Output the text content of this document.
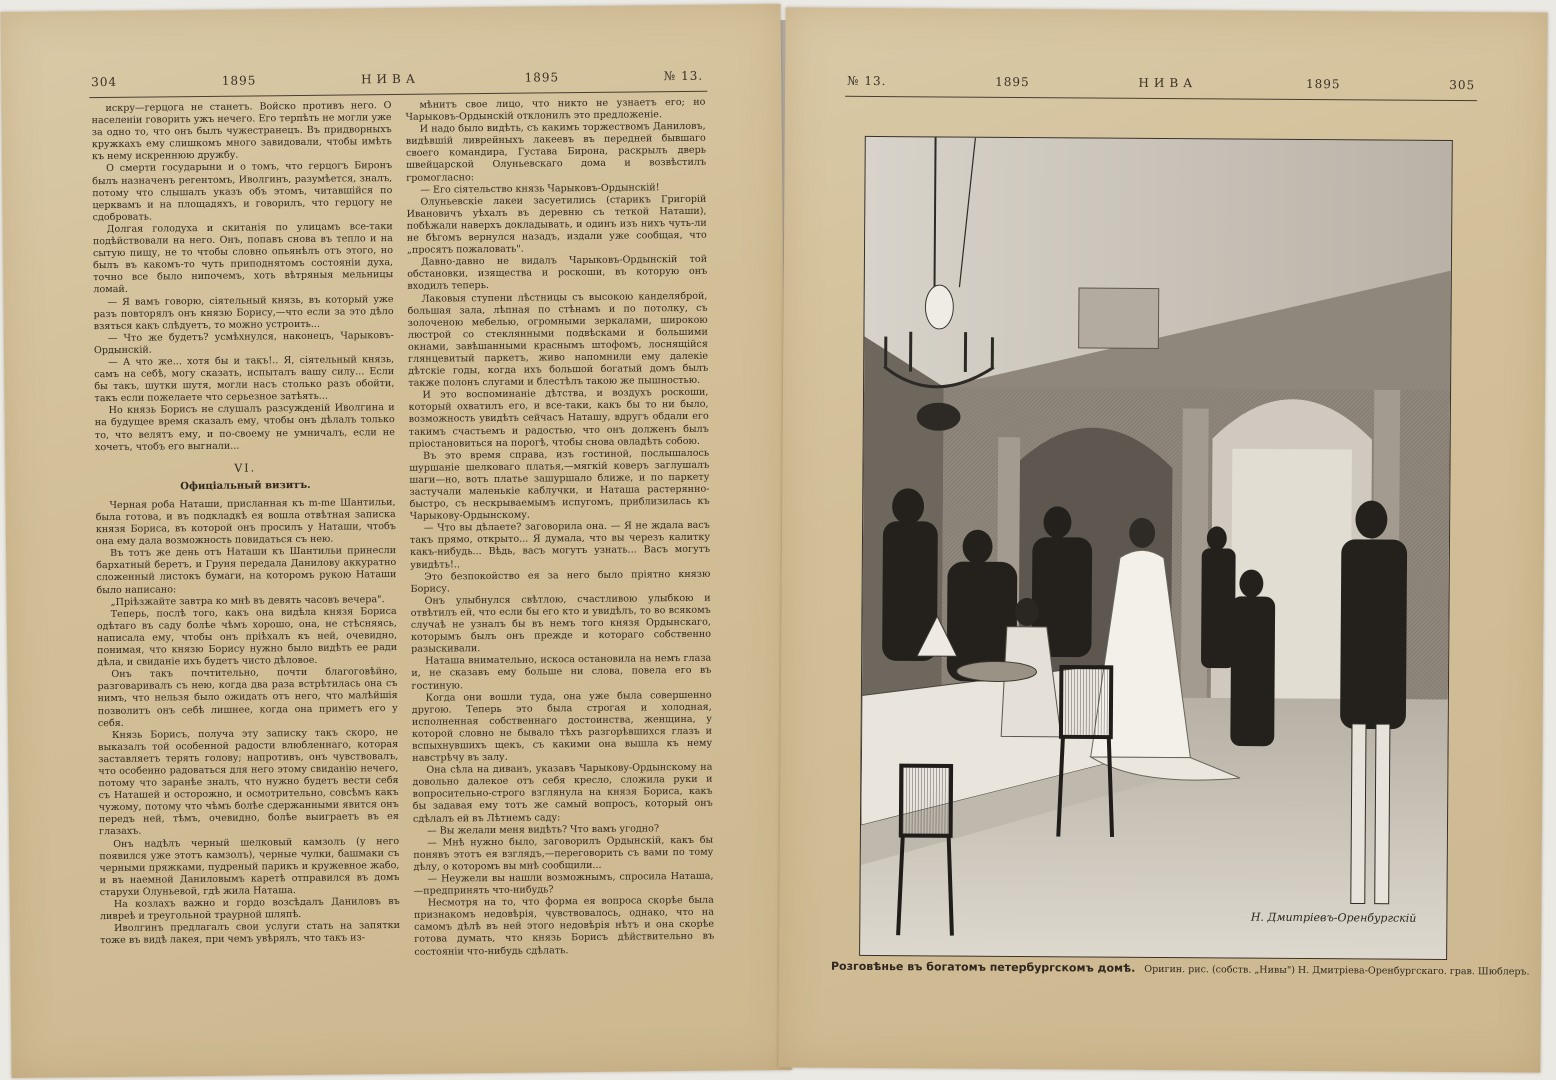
304	1895	НИВА	1895	№ 13.

искру—герцога не станетъ. Войско противъ него. О населеніи говорить ужъ нечего. Его терпѣть не могли уже за одно то, что онъ былъ чужестранецъ. Въ придворныхъ кружкахъ ему слишкомъ много завидовали, чтобы имѣть къ нему искреннюю дружбу.

О смерти государыни и о томъ, что герцогъ Биронъ былъ назначенъ регентомъ, Иволгинъ, разумѣется, зналъ, потому что слышалъ указъ объ этомъ, читавшійся по церквамъ и на площадяхъ, и говорилъ, что герцогу не сдобровать.

Долгая голодуха и скитанія по улицамъ все-таки подѣйствовали на него. Онъ, попавъ снова въ тепло и на сытую пищу, не то чтобы словно опьянѣлъ отъ этого, но былъ въ какомъ-то чуть приподнятомъ состояніи духа, точно все было нипочемъ, хоть вѣтряныя мельницы ломай.

— Я вамъ говорю, сіятельный князь, въ который уже разъ повторялъ онъ князю Борису,—что если за это дѣло взяться какъ слѣдуетъ, то можно устроить...

— Что же будетъ? усмѣхнулся, наконецъ, Чарыковъ-Ордынскій.

— А что же... хотя бы и такъ!.. Я, сіятельный князь, самъ на себѣ, могу сказать, испыталъ вашу силу... Если бы такъ, шутки шутя, могли насъ столько разъ обойти, такъ если пожелаете что серьезное затѣять...

Но князь Борисъ не слушалъ разсужденій Иволгина и на будущее время сказалъ ему, чтобы онъ дѣлалъ только то, что велятъ ему, и по-своему не умничалъ, если не хочетъ, чтобъ его выгнали...

VI.
Офиціальный визитъ.

Черная роба Наташи, присланная къ m-me Шантильи, была готова, и въ подкладкѣ ея вошла отвѣтная записка князя Бориса, въ которой онъ просилъ у Наташи, чтобъ она ему дала возможность повидаться съ нею.

Въ тотъ же день отъ Наташи къ Шантильи принесли бархатный беретъ, и Груня передала Данилову аккуратно сложенный листокъ бумаги, на которомъ рукою Наташи было написано:

„Пріѣзжайте завтра ко мнѣ въ девять часовъ вечера".

Теперь, послѣ того, какъ она видѣла князя Бориса одѣтаго въ саду болѣе чѣмъ хорошо, она, не стѣсняясь, написала ему, чтобы онъ пріѣхалъ къ ней, очевидно, понимая, что князю Борису нужно было видѣть ее ради дѣла, и свиданіе ихъ будетъ чисто дѣловое.

Онъ такъ почтительно, почти благоговѣйно, разговаривалъ съ нею, когда два раза встрѣтилась она съ нимъ, что нельзя было ожидать отъ него, что малѣйшія позволитъ онъ себѣ лишнее, когда она приметъ его у себя.

Князь Борисъ, получа эту записку такъ скоро, не выказалъ той особенной радости влюбленнаго, которая заставляетъ терять голову; напротивъ, онъ чувствовалъ, что особенно радоваться для него этому свиданію нечего, потому что заранѣе зналъ, что нужно будетъ вести себя съ Наташей и осторожно, и осмотрительно, совсѣмъ какъ чужому, потому что чѣмъ болѣе сдержанными явится онъ передъ ней, тѣмъ, очевидно, болѣе выиграетъ въ ея глазахъ.

Онъ надѣлъ черный шелковый камзолъ (у него появился уже этотъ камзолъ), черные чулки, башмаки съ черными пряжками, пудреный парикъ и кружевное жабо, и въ наемной Даниловымъ каретѣ отправился въ домъ старухи Олуньевой, гдѣ жила Наташа.

На козлахъ важно и гордо возсѣдалъ Даниловъ въ ливреѣ и треугольной траурной шляпѣ.

Иволгинъ предлагалъ свои услуги стать на запятки тоже въ видѣ лакея, при чемъ увѣрялъ, что такъ из-

мѣнитъ свое лицо, что никто не узнаетъ его; но Чарыковъ-Ордынскій отклонилъ это предложеніе.

И надо было видѣть, съ какимъ торжествомъ Даниловъ, видѣвшій ливрейныхъ лакеевъ въ передней бывшаго своего командира, Густава Бирона, раскрылъ дверь швейцарской Олуньевскаго дома и возвѣстилъ громогласно:

— Его сіятельство князь Чарыковъ-Ордынскій!

Олуньевскіе лакеи засуетились (старикъ Григорій Ивановичъ уѣхалъ въ деревню съ теткой Наташи), побѣжали наверхъ докладывать, и одинъ изъ нихъ чуть-ли не бѣгомъ вернулся назадъ, издали уже сообщая, что „просятъ пожаловать".

Давно-давно не видалъ Чарыковъ-Ордынскій той обстановки, изящества и роскоши, въ которую онъ входилъ теперь.

Лаковыя ступени лѣстницы съ высокою канделяброй, большая зала, лѣпная по стѣнамъ и по потолку, съ золоченою мебелью, огромными зеркалами, широкою люстрой со стеклянными подвѣсками и большими окнами, завѣшанными краснымъ штофомъ, лоснящійся глянцевитый паркетъ, живо напомнили ему далекіе дѣтскіе годы, когда ихъ большой богатый домъ былъ также полонъ слугами и блестѣлъ такою же пышностью.

И это воспоминаніе дѣтства, и воздухъ роскоши, который охватилъ его, и все-таки, какъ бы то ни было, возможность увидѣть сейчасъ Наташу, вдругъ обдали его такимъ счастьемъ и радостью, что онъ долженъ былъ пріостановиться на порогѣ, чтобы снова овладѣть собою.

Въ это время справа, изъ гостиной, послышалось шуршаніе шелковаго платья,—мягкій коверъ заглушалъ шаги—но, вотъ платье зашуршало ближе, и по паркету застучали маленькіе каблучки, и Наташа растерянно-быстро, съ нескрываемымъ испугомъ, приблизилась къ Чарыкову-Ордынскому.

— Что вы дѣлаете? заговорила она. — Я не ждала васъ такъ прямо, открыто... Я думала, что вы черезъ калитку какъ-нибудь... Вѣдь, васъ могутъ узнать... Васъ могутъ увидѣть!..

Это безпокойство ея за него было пріятно князю Борису.

Онъ улыбнулся свѣтлою, счастливою улыбкою и отвѣтилъ ей, что если бы его кто и увидѣлъ, то во всякомъ случаѣ не узналъ бы въ немъ того князя Ордынскаго, которымъ былъ онъ прежде и котораго собственно разыскивали.

Наташа внимательно, искоса остановила на немъ глаза и, не сказавъ ему больше ни слова, повела его въ гостиную.

Когда они вошли туда, она уже была совершенно другою. Теперь это была строгая и холодная, исполненная собственнаго достоинства, женщина, у которой словно не бывало тѣхъ разгорѣвшихся глазъ и вспыхнувшихъ щекъ, съ какими она вышла къ нему навстрѣчу въ залу.

Она сѣла на диванъ, указавъ Чарыкову-Ордынскому на довольно далекое отъ себя кресло, сложила руки и вопросительно-строго взглянула на князя Бориса, какъ бы задавая ему тотъ же самый вопросъ, который онъ сдѣлалъ ей въ Лѣтнемъ саду:

— Вы желали меня видѣть? Что вамъ угодно?

— Мнѣ нужно было, заговорилъ Ордынскій, какъ бы понявъ этотъ ея взглядъ,—переговорить съ вами по тому дѣлу, о которомъ вы мнѣ сообщили...

— Неужели вы нашли возможнымъ, спросила Наташа,—предпринять что-нибудь?

Несмотря на то, что форма ея вопроса скорѣе была признакомъ недовѣрія, чувствовалось, однако, что на самомъ дѣлѣ въ ней этого недовѣрія нѣтъ и она скорѣе готова думать, что князь Борисъ дѣйствительно въ состояніи что-нибудь сдѣлать.

№ 13.	1895	НИВА	1895	305
Н. Дмитріевъ-Оренбургскій
Розговѣнье въ богатомъ петербургскомъ домѣ. Оригин. рис. (собств. „Нивы") Н. Дмитріева-Оренбургскаго. грав. Шюблеръ.
